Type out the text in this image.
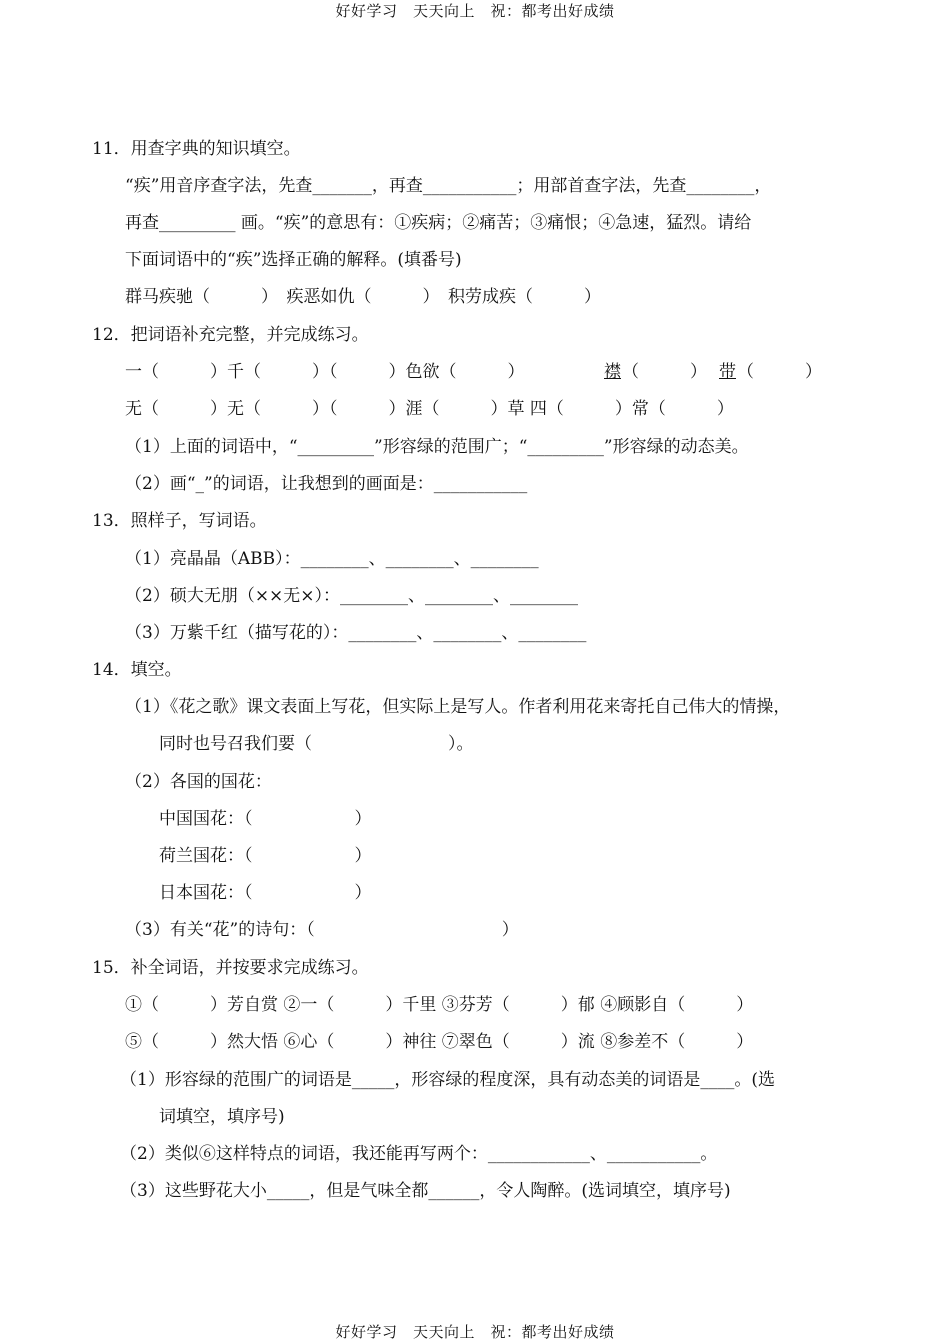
好好学习　天天向上　祝：都考出好成绩
11．用查字典的知识填空。
“疾”用音序查字法，先查_______，再查___________；用部首查字法，先查________，
再查_________ 画。“疾”的意思有：①疾病；②痛苦；③痛恨；④急速，猛烈。请给
下面词语中的“疾”选择正确的解释。(填番号)
群马疾驰（　　　）　疾恶如仇（　　　）　积劳成疾（　　　）
12．把词语补充完整，并完成练习。
一（　　　）千（　　　）（　　　）色欲（　　　）	襟 （　　　） 带 （　　　）
无（　　　）无（　　　）（　　　）涯（　　　）草 四（　　　）常（　　　）
（1）上面的词语中，“_________”形容绿的范围广；“_________”形容绿的动态美。
（2）画“_”的词语，让我想到的画面是：___________
13．照样子，写词语。
（1）亮晶晶（ABB）：________、________、________
（2）硕大无朋（××无×）：________、________、________
（3）万紫千红（描写花的）：________、________、________
14．填空。
（1）《花之歌》课文表面上写花，但实际上是写人。作者利用花来寄托自己伟大的情操，
同时也号召我们要（　　　　　　　　）。
（2）各国的国花：
中国国花：（　　　　　　）
荷兰国花：（　　　　　　）
日本国花：（　　　　　　）
（3）有关“花”的诗句：（　　　　　　　　　　　）
15．补全词语，并按要求完成练习。
①（　　　）芳自赏 ②一（　　　）千里 ③芬芳（　　　）郁 ④顾影自（　　　）
⑤（　　　）然大悟 ⑥心（　　　）神往 ⑦翠色（　　　）流 ⑧参差不（　　　）
（1）形容绿的范围广的词语是_____，形容绿的程度深，具有动态美的词语是____。(选
词填空，填序号)
（2）类似⑥这样特点的词语，我还能再写两个：____________、___________。
（3）这些野花大小_____，但是气味全都______，令人陶醉。(选词填空，填序号)
好好学习　天天向上　祝：都考出好成绩
